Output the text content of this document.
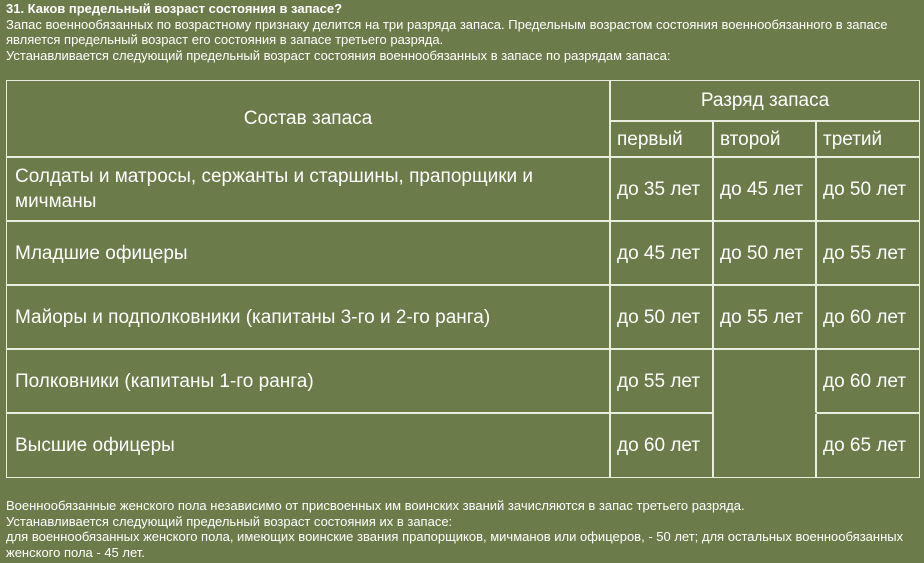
31. Каков предельный возраст состояния в запасе?
Запас военнообязанных по возрастному признаку делится на три разряда запаса. Предельным возрастом состояния военнообязанного в запасе является предельный возраст его состояния в запасе третьего разряда.
Устанавливается следующий предельный возраст состояния военнообязанных в запасе по разрядам запаса:
Состав запаса	Разряд запаса		
	первый	второй	третий
Солдаты и матросы, сержанты и старшины, прапорщики и мичманы	до 35 лет	до 45 лет	до 50 лет
Младшие офицеры	до 45 лет	до 50 лет	до 55 лет
Майоры и подполковники (капитаны 3-го и 2-го ранга)	до 50 лет	до 55 лет	до 60 лет
Полковники (капитаны 1-го ранга)	до 55 лет		до 60 лет
Высшие офицеры	до 60 лет		до 65 лет
Военнообязанные женского пола независимо от присвоенных им воинских званий зачисляются в запас третьего разряда.
Устанавливается следующий предельный возраст состояния их в запасе:
для военнообязанных женского пола, имеющих воинские звания прапорщиков, мичманов или офицеров, - 50 лет; для остальных военнообязанных женского пола - 45 лет.
